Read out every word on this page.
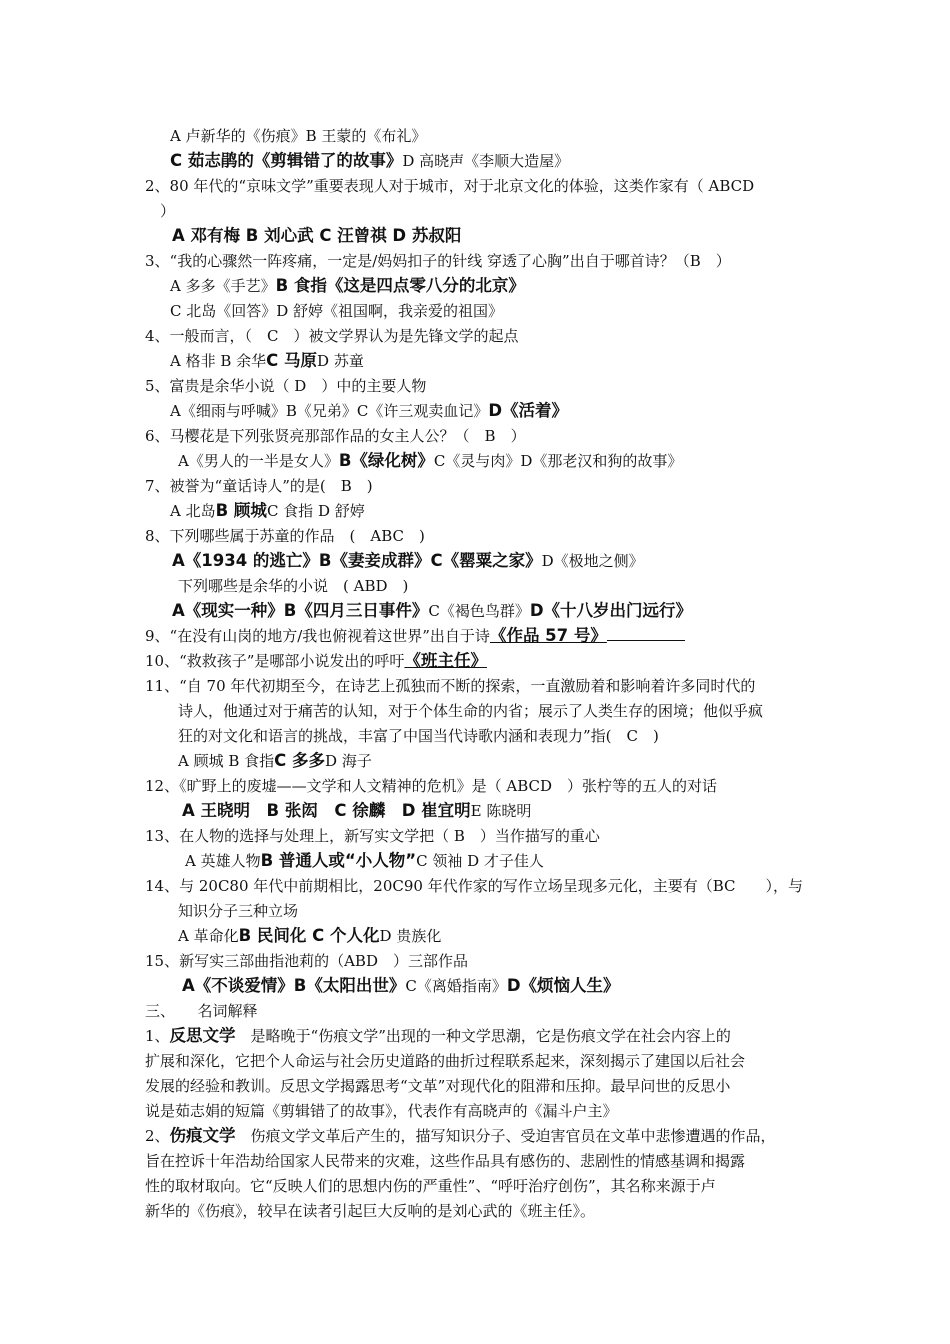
A 卢新华的《伤痕》B 王蒙的《布礼》
C 茹志鹃的《剪辑错了的故事》D 高晓声《李顺大造屋》
2、80 年代的“京味文学”重要表现人对于城市，对于北京文化的体验，这类作家有（ ABCD
）
A 邓有梅 B 刘心武 C 汪曾祺 D 苏叔阳
3、“我的心骤然一阵疼痛，一定是/妈妈扣子的针线 穿透了心胸”出自于哪首诗？（B　）
A 多多《手艺》B 食指《这是四点零八分的北京》
C 北岛《回答》D 舒婷《祖国啊，我亲爱的祖国》
4、一般而言，（　C　）被文学界认为是先锋文学的起点
A 格非 B 余华C 马原D 苏童
5、富贵是余华小说（ D　）中的主要人物
A《细雨与呼喊》B《兄弟》C《许三观卖血记》D《活着》
6、马樱花是下列张贤亮那部作品的女主人公？（　B　）
A《男人的一半是女人》B《绿化树》C《灵与肉》D《那老汉和狗的故事》
7、被誉为“童话诗人”的是(　B　)
A 北岛B 顾城C 食指 D 舒婷
8、下列哪些属于苏童的作品　(　ABC　)
A《1934 的逃亡》B《妻妾成群》C《罂粟之家》D《极地之侧》
下列哪些是余华的小说　( ABD　)
A《现实一种》B《四月三日事件》C《褐色鸟群》D《十八岁出门远行》
9、“在没有山岗的地方/我也俯视着这世界”出自于诗《作品 57 号》
10、“救救孩子”是哪部小说发出的呼吁《班主任》
11、“自 70 年代初期至今，在诗艺上孤独而不断的探索，一直激励着和影响着许多同时代的
诗人，他通过对于痛苦的认知，对于个体生命的内省；展示了人类生存的困境；他似乎疯
狂的对文化和语言的挑战，丰富了中国当代诗歌内涵和表现力”指(　C　)
A 顾城 B 食指C 多多D 海子
12、《旷野上的废墟——文学和人文精神的危机》是（ ABCD　）张柠等的五人的对话
A 王晓明　B 张闳　C 徐麟　D 崔宜明E 陈晓明
13、在人物的选择与处理上，新写实文学把（ B　）当作描写的重心
A 英雄人物B 普通人或“小人物”C 领袖 D 才子佳人
14、与 20C80 年代中前期相比，20C90 年代作家的写作立场呈现多元化，主要有（BC　　），与
知识分子三种立场
A 革命化B 民间化 C 个人化D 贵族化
15、新写实三部曲指池莉的（ABD　）三部作品
A《不谈爱情》B《太阳出世》C《离婚指南》D《烦恼人生》
三、　　名词解释
1、反思文学　是略晚于“伤痕文学”出现的一种文学思潮，它是伤痕文学在社会内容上的
扩展和深化，它把个人命运与社会历史道路的曲折过程联系起来，深刻揭示了建国以后社会
发展的经验和教训。反思文学揭露思考“文革”对现代化的阻滞和压抑。最早问世的反思小
说是茹志娟的短篇《剪辑错了的故事》，代表作有高晓声的《漏斗户主》
2、伤痕文学　伤痕文学文革后产生的，描写知识分子、受迫害官员在文革中悲惨遭遇的作品，
旨在控诉十年浩劫给国家人民带来的灾难，这些作品具有感伤的、悲剧性的情感基调和揭露
性的取材取向。它“反映人们的思想内伤的严重性”、“呼吁治疗创伤”，其名称来源于卢
新华的《伤痕》，较早在读者引起巨大反响的是刘心武的《班主任》。
